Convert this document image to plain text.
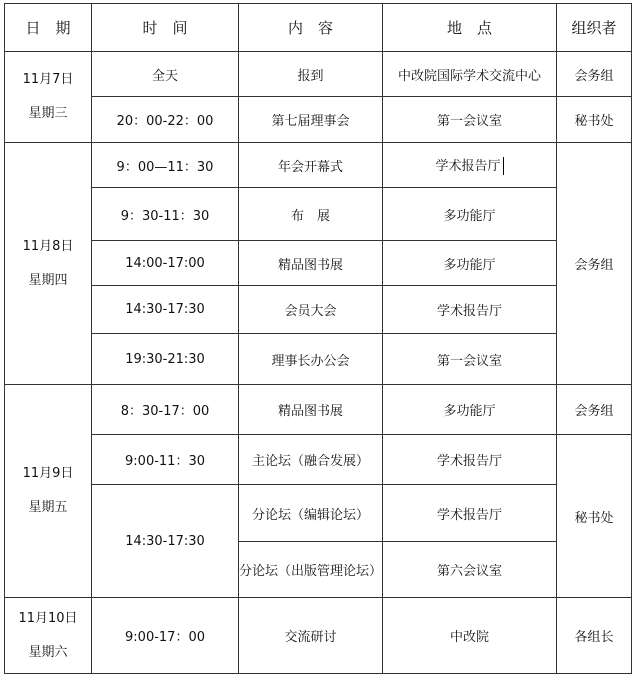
日　期	时　间	内　容	地　点	组织者

11月7日
星期三	全天	报到	中改院国际学术交流中心	会务组
	20：00-22：00	第七届理事会	第一会议室	秘书处

11月8日
星期四	9：00—11：30	年会开幕式	学术报告厅	会务组
	9：30-11：30	布　展	多功能厅	
	14:00-17:00	精品图书展	多功能厅	
	14:30-17:30	会员大会	学术报告厅	
	19:30-21:30	理事长办公会	第一会议室	

11月9日
星期五	8：30-17：00	精品图书展	多功能厅	会务组
	9:00-11：30	主论坛（融合发展）	学术报告厅	秘书处
	14:30-17:30	分论坛（编辑论坛）	学术报告厅	
		分论坛（出版管理论坛）	第六会议室	

11月10日
星期六	9:00-17：00	交流研讨	中改院	各组长
